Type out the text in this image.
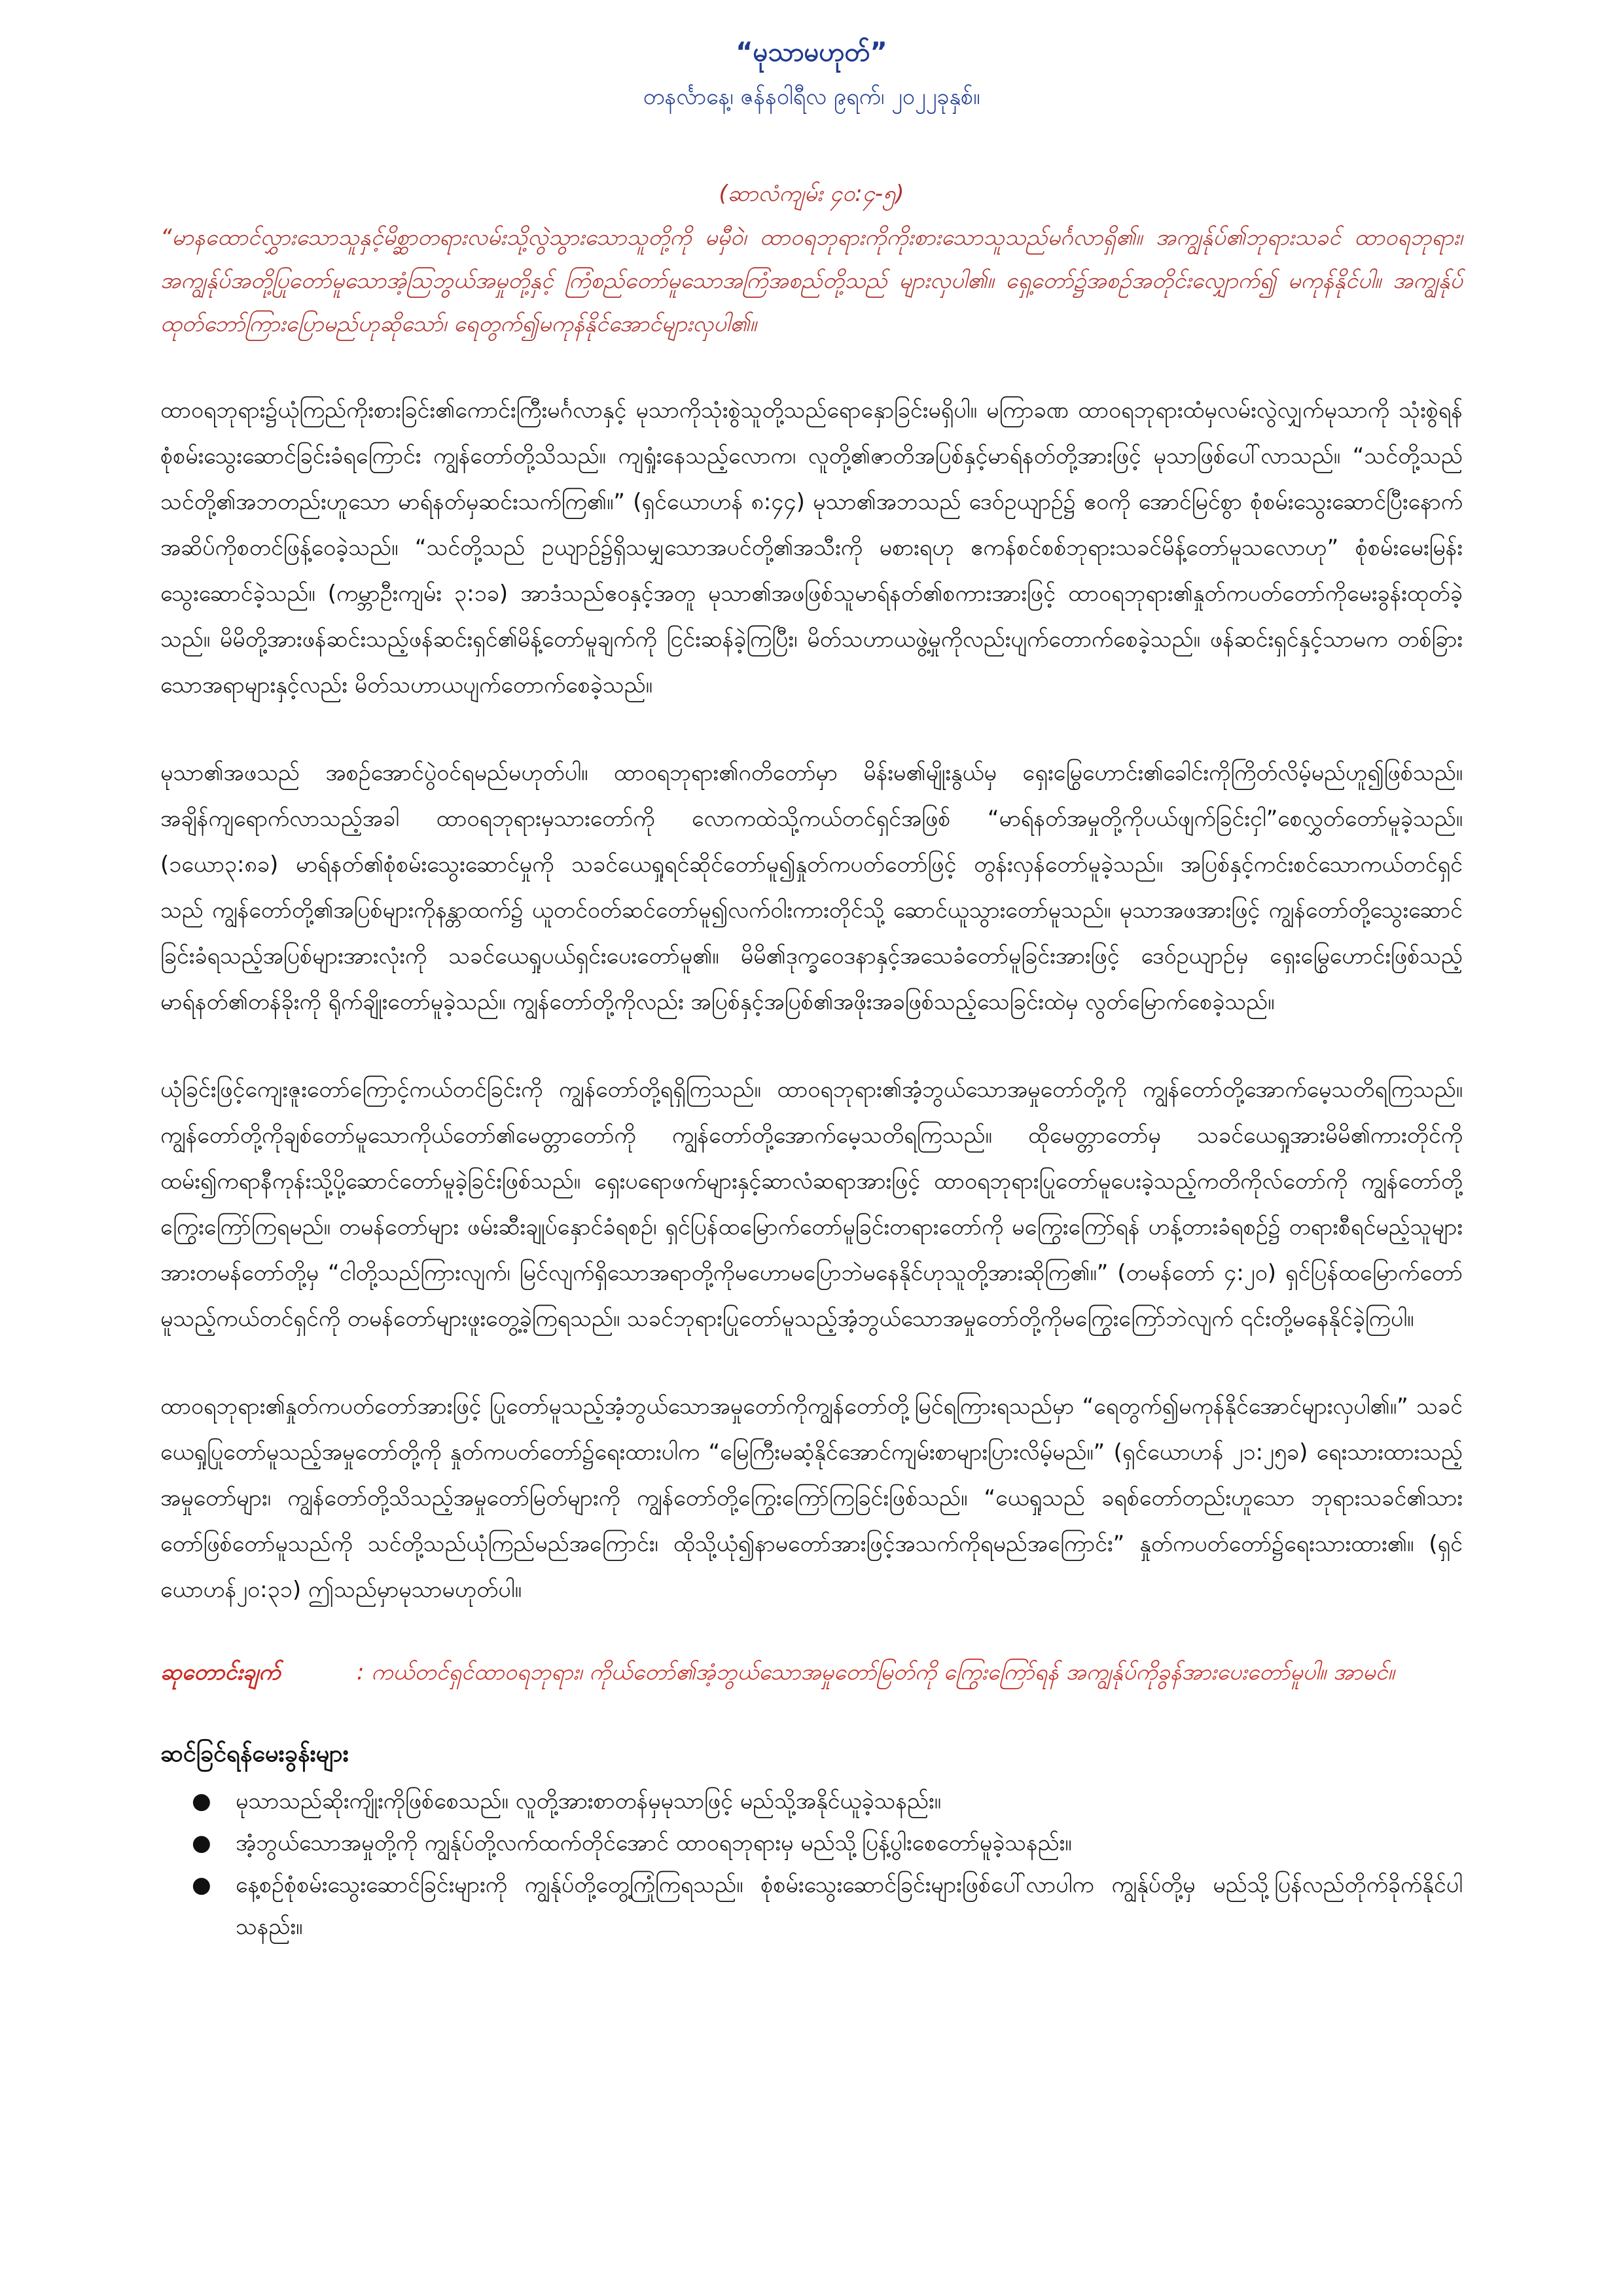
“မုသာမဟုတ်”
တနင်္လာနေ့၊ ဇန်နဝါရီလ ၉ရက်၊ ၂၀၂၂ခုနှစ်။
(ဆာလံကျမ်း ၄၀:၄-၅)
“မာနထောင်လွှားသောသူနှင့်မိစ္ဆာတရားလမ်းသို့လွဲသွားသောသူတို့ကို မမှီဝဲ၊ ထာဝရဘုရားကိုကိုးစားသောသူသည်မင်္ဂလာရှိ၏။ အကျွန်ုပ်၏ဘုရားသခင် ထာဝရဘုရား၊ အကျွန်ုပ်အတို့ပြုတော်မူသောအံ့ဩဘွယ်အမှုတို့နှင့် ကြံစည်တော်မူသောအကြံအစည်တို့သည် များလှပါ၏။ ရှေ့တော်၌အစဉ်အတိုင်းလျှောက်၍ မကုန်နိုင်ပါ။ အကျွန်ုပ်ထုတ်ဘော်ကြားပြောမည်ဟုဆိုသော်၊ ရေတွက်၍မကုန်နိုင်အောင်များလှပါ၏။
ထာဝရဘုရား၌ယုံကြည်ကိုးစားခြင်း၏ကောင်းကြီးမင်္ဂလာနှင့် မုသာကိုသုံးစွဲသူတို့သည်ရောနှောခြင်းမရှိပါ။ မကြာခဏ ထာဝရဘုရားထံမှလမ်းလွဲလျှက်မုသာကို သုံးစွဲရန် စုံစမ်းသွေးဆောင်ခြင်းခံရကြောင်း ကျွန်တော်တို့သိသည်။ ကျရှုံးနေသည့်လောက၊ လူတို့၏ဇာတိအပြစ်နှင့်မာရ်နတ်တို့အားဖြင့် မုသာဖြစ်ပေါ်လာသည်။ “သင်တို့သည် သင်တို့၏အဘတည်းဟူသော မာရ်နတ်မှဆင်းသက်ကြ၏။” (ရှင်ယောဟန် ၈:၄၄) မုသာ၏အဘသည် ဒေဝ်ဥယျာဉ်၌ ဧဝကို အောင်မြင်စွာ စုံစမ်းသွေးဆောင်ပြီးနောက် အဆိပ်ကိုစတင်ဖြန့်ဝေခဲ့သည်။ “သင်တို့သည် ဥယျာဉ်၌ရှိသမျှသောအပင်တို့၏အသီးကို မစားရဟု ဧကန်စင်စစ်ဘုရားသခင်မိန့်တော်မူသလောဟု” စုံစမ်းမေးမြန်းသွေးဆောင်ခဲ့သည်။ (ကမ္ဘာဦးကျမ်း ၃:၁ခ) အာဒံသည်ဧဝနှင့်အတူ မုသာ၏အဖဖြစ်သူမာရ်နတ်၏စကားအားဖြင့် ထာဝရဘုရား၏နှုတ်ကပတ်တော်ကိုမေးခွန်းထုတ်ခဲ့သည်။ မိမိတို့အားဖန်ဆင်းသည့်ဖန်ဆင်းရှင်၏မိန့်တော်မူချက်ကို ငြင်းဆန်ခဲ့ကြပြီး၊ မိတ်သဟာယဖွဲ့မှုကိုလည်းပျက်တောက်စေခဲ့သည်။ ဖန်ဆင်းရှင်နှင့်သာမက တစ်ခြားသောအရာများနှင့်လည်း မိတ်သဟာယပျက်တောက်စေခဲ့သည်။
မုသာ၏အဖသည် အစဉ်အောင်ပွဲဝင်ရမည်မဟုတ်ပါ။ ထာဝရဘုရား၏ဂတိတော်မှာ မိန်းမ၏မျိုးနွယ်မှ ရှေးမြွေဟောင်း၏ခေါင်းကိုကြိတ်လိမ့်မည်ဟူ၍ဖြစ်သည်။ အချိန်ကျရောက်လာသည့်အခါ ထာဝရဘုရားမှသားတော်ကို လောကထဲသို့ကယ်တင်ရှင်အဖြစ် “မာရ်နတ်အမှုတို့ကိုပယ်ဖျက်ခြင်းငှါ”စေလွှတ်တော်မူခဲ့သည်။ (၁ယော၃:၈ခ) မာရ်နတ်၏စုံစမ်းသွေးဆောင်မှုကို သခင်ယေရှုရင်ဆိုင်တော်မူ၍နှုတ်ကပတ်တော်ဖြင့် တွန်းလှန်တော်မူခဲ့သည်။ အပြစ်နှင့်ကင်းစင်သောကယ်တင်ရှင်သည် ကျွန်တော်တို့၏အပြစ်များကိုနန္တာထက်၌ ယူတင်ဝတ်ဆင်တော်မူ၍လက်ဝါးကားတိုင်သို့ ဆောင်ယူသွားတော်မူသည်။ မုသာအဖအားဖြင့် ကျွန်တော်တို့သွေးဆောင်ခြင်းခံရသည့်အပြစ်များအားလုံးကို သခင်ယေရှုပယ်ရှင်းပေးတော်မူ၏။ မိမိ၏ဒုက္ခဝေဒနာနှင့်အသေခံတော်မူခြင်းအားဖြင့် ဒေဝ်ဥယျာဉ်မှ ရှေးမြွေဟောင်းဖြစ်သည့် မာရ်နတ်၏တန်ခိုးကို ရိုက်ချိုးတော်မူခဲ့သည်။ ကျွန်တော်တို့ကိုလည်း အပြစ်နှင့်အပြစ်၏အဖိုးအခဖြစ်သည့်သေခြင်းထဲမှ လွတ်မြောက်စေခဲ့သည်။
ယုံခြင်းဖြင့်ကျေးဇူးတော်ကြောင့်ကယ်တင်ခြင်းကို ကျွန်တော်တို့ရရှိကြသည်။ ထာဝရဘုရား၏အံ့ဘွယ်သောအမှုတော်တို့ကို ကျွန်တော်တို့အောက်မေ့သတိရကြသည်။ ကျွန်တော်တို့ကိုချစ်တော်မူသောကိုယ်တော်၏မေတ္တာတော်ကို ကျွန်တော်တို့အောက်မေ့သတိရကြသည်။ ထိုမေတ္တာတော်မှ သခင်ယေရှုအားမိမိ၏ကားတိုင်ကို ထမ်း၍ကရာနီကုန်းသို့ပို့ဆောင်တော်မူခဲ့ခြင်းဖြစ်သည်။ ရှေးပရောဖက်များနှင့်ဆာလံဆရာအားဖြင့် ထာဝရဘုရားပြုတော်မူပေးခဲ့သည့်ကတိကိုလ်တော်ကို ကျွန်တော်တို့ကြွေးကြော်ကြရမည်။ တမန်တော်များ ဖမ်းဆီးချုပ်နှောင်ခံရစဉ်၊ ရှင်ပြန်ထမြောက်တော်မူခြင်းတရားတော်ကို မကြွေးကြော်ရန် ဟန့်တားခံရစဉ်၌ တရားစီရင်မည့်သူများအားတမန်တော်တို့မှ “ငါတို့သည်ကြားလျက်၊ မြင်လျက်ရှိသောအရာတို့ကိုမဟောမပြောဘဲမနေနိုင်ဟုသူတို့အားဆိုကြ၏။” (တမန်တော် ၄:၂၀) ရှင်ပြန်ထမြောက်တော်မူသည့်ကယ်တင်ရှင်ကို တမန်တော်များဖူးတွေ့ခဲ့ကြရသည်။ သခင်ဘုရားပြုတော်မူသည့်အံ့ဘွယ်သောအမှုတော်တို့ကိုမကြွေးကြော်ဘဲလျက် ၎င်းတို့မနေနိုင်ခဲ့ကြပါ။
ထာဝရဘုရား၏နှုတ်ကပတ်တော်အားဖြင့် ပြုတော်မူသည့်အံ့ဘွယ်သောအမှုတော်ကိုကျွန်တော်တို့မြင်ရကြားရသည်မှာ “ရေတွက်၍မကုန်နိုင်အောင်များလှပါ၏။” သခင်ယေရှုပြုတော်မူသည့်အမှုတော်တို့ကို နှုတ်ကပတ်တော်၌ရေးထားပါက “မြေကြီးမဆံ့နိုင်အောင်ကျမ်းစာများပြားလိမ့်မည်။” (ရှင်ယောဟန် ၂၁:၂၅ခ) ရေးသားထားသည့်အမှုတော်များ၊ ကျွန်တော်တို့သိသည့်အမှုတော်မြတ်များကို ကျွန်တော်တို့ကြွေးကြော်ကြခြင်းဖြစ်သည်။ “ယေရှုသည် ခရစ်တော်တည်းဟူသော ဘုရားသခင်၏သားတော်ဖြစ်တော်မူသည်ကို သင်တို့သည်ယုံကြည်မည်အကြောင်း၊ ထိုသို့ယုံ၍နာမတော်အားဖြင့်အသက်ကိုရမည်အကြောင်း” နှုတ်ကပတ်တော်၌ရေးသားထား၏။ (ရှင်ယောဟန်၂၀:၃၁) ဤသည်မှာမုသာမဟုတ်ပါ။
ဆုတောင်းချက်	: ကယ်တင်ရှင်ထာဝရဘုရား၊ ကိုယ်တော်၏အံ့ဘွယ်သောအမှုတော်မြတ်ကို ကြွေးကြော်ရန် အကျွန်ုပ်ကိုခွန်အားပေးတော်မူပါ။ အာမင်။
ဆင်ခြင်ရန်မေးခွန်းများ
● မုသာသည်ဆိုးကျိုးကိုဖြစ်စေသည်။ လူတို့အားစာတန်မှမုသာဖြင့် မည်သို့အနိုင်ယူခဲ့သနည်း။
● အံ့ဘွယ်သောအမှုတို့ကို ကျွန်ုပ်တို့လက်ထက်တိုင်အောင် ထာဝရဘုရားမှ မည်သို့ပြန့်ပွါးစေတော်မူခဲ့သနည်း။
● နေ့စဉ်စုံစမ်းသွေးဆောင်ခြင်းများကို ကျွန်ုပ်တို့တွေ့ကြုံကြရသည်။ စုံစမ်းသွေးဆောင်ခြင်းများဖြစ်ပေါ်လာပါက ကျွန်ုပ်တို့မှ မည်သို့ပြန်လည်တိုက်ခိုက်နိုင်ပါသနည်း။
